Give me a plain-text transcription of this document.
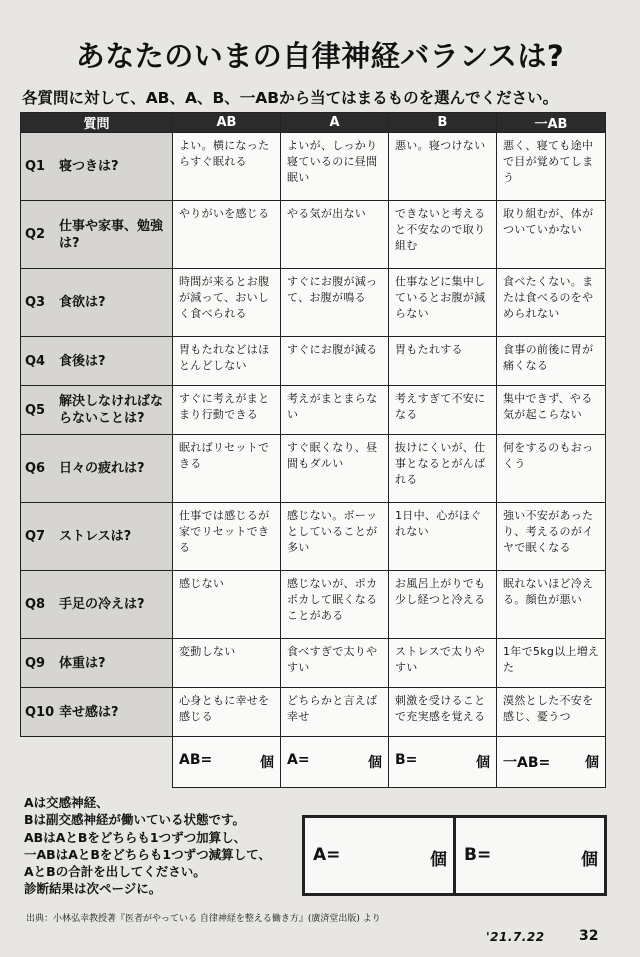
あなたのいまの自律神経バランスは?
各質問に対して、AB、A、B、一ABから当てはまるものを選んでください。
質問	AB	A	B	一AB
Q1 寝つきは?	よい。横になったらすぐ眠れる	よいが、しっかり寝ているのに昼間眠い	悪い。寝つけない	悪く、寝ても途中で目が覚めてしまう
Q2仕事や家事、勉強は?	やりがいを感じる	やる気が出ない	できないと考えると不安なので取り組む	取り組むが、体がついていかない
Q3 食欲は?	時間が来るとお腹が減って、おいしく食べられる	すぐにお腹が減って、お腹が鳴る	仕事などに集中しているとお腹が減らない	食べたくない。または食べるのをやめられない
Q4 食後は?	胃もたれなどはほとんどしない	すぐにお腹が減る	胃もたれする	食事の前後に胃が痛くなる
Q5解決しなければならないことは?	すぐに考えがまとまり行動できる	考えがまとまらない	考えすぎて不安になる	集中できず、やる気が起こらない
Q6 日々の疲れは?	眠ればリセットできる	すぐ眠くなり、昼間もダルい	抜けにくいが、仕事となるとがんばれる	何をするのもおっくう
Q7 ストレスは?	仕事では感じるが家でリセットできる	感じない。ボーッとしていることが多い	1日中、心がほぐれない	強い不安があったり、考えるのがイヤで眠くなる
Q8 手足の冷えは?	感じない	感じないが、ポカポカして眠くなることがある	お風呂上がりでも少し経つと冷える	眠れないほど冷える。顔色が悪い
Q9 体重は?	変動しない	食べすぎで太りやすい	ストレスで太りやすい	1年で5kg以上増えた
Q10 幸せ感は?	心身ともに幸せを感じる	どちらかと言えば幸せ	刺激を受けることで充実感を覚える	漠然とした不安を感じ、憂うつ

	AB= 個	A= 個	B= 個	一AB= 個
Aは交感神経、
Bは副交感神経が働いている状態です。
ABはAとBをどちらも1つずつ加算し、
一ABはAとBをどちらも1つずつ減算して、
AとBの合計を出してください。
診断結果は次ページに。
A=	個 B=	個
出典：小林弘幸教授著『医者がやっている 自律神経を整える働き方』(廣済堂出版) より
'21.7.22 32
